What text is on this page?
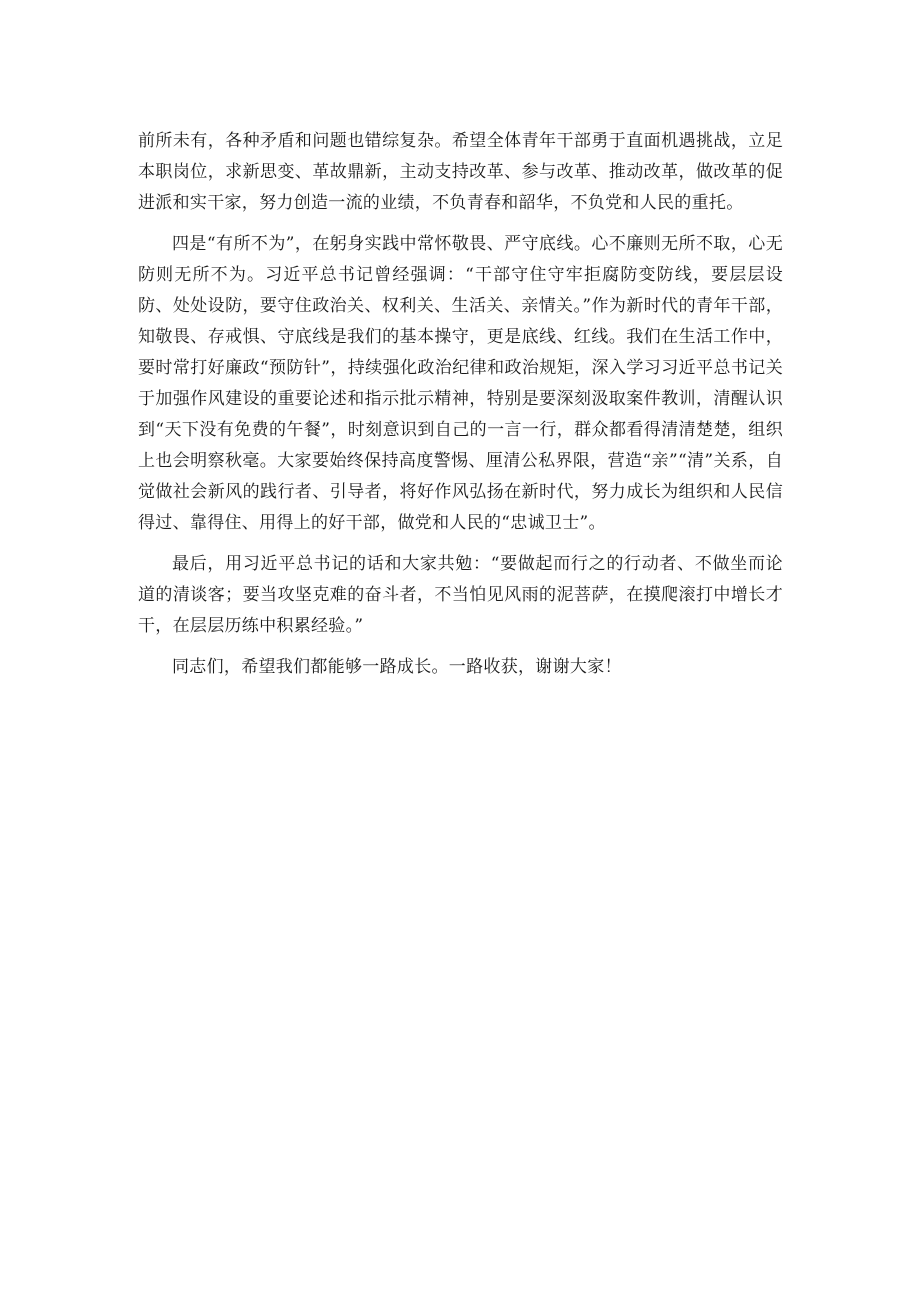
前所未有，各种矛盾和问题也错综复杂。希望全体青年干部勇于直面机遇挑战，立足本职岗位，求新思变、革故鼎新，主动支持改革、参与改革、推动改革，做改革的促进派和实干家，努力创造一流的业绩，不负青春和韶华，不负党和人民的重托。

四是“有所不为”，在躬身实践中常怀敬畏、严守底线。心不廉则无所不取，心无防则无所不为。习近平总书记曾经强调：“干部守住守牢拒腐防变防线，要层层设防、处处设防，要守住政治关、权利关、生活关、亲情关。”作为新时代的青年干部，知敬畏、存戒惧、守底线是我们的基本操守，更是底线、红线。我们在生活工作中，要时常打好廉政“预防针”，持续强化政治纪律和政治规矩，深入学习习近平总书记关于加强作风建设的重要论述和指示批示精神，特别是要深刻汲取案件教训，清醒认识到“天下没有免费的午餐”，时刻意识到自己的一言一行，群众都看得清清楚楚，组织上也会明察秋毫。大家要始终保持高度警惕、厘清公私界限，营造“亲”“清”关系，自觉做社会新风的践行者、引导者，将好作风弘扬在新时代，努力成长为组织和人民信得过、靠得住、用得上的好干部，做党和人民的“忠诚卫士”。

最后，用习近平总书记的话和大家共勉：“要做起而行之的行动者、不做坐而论道的清谈客；要当攻坚克难的奋斗者，不当怕见风雨的泥菩萨，在摸爬滚打中增长才干，在层层历练中积累经验。”

同志们，希望我们都能够一路成长。一路收获，谢谢大家！
